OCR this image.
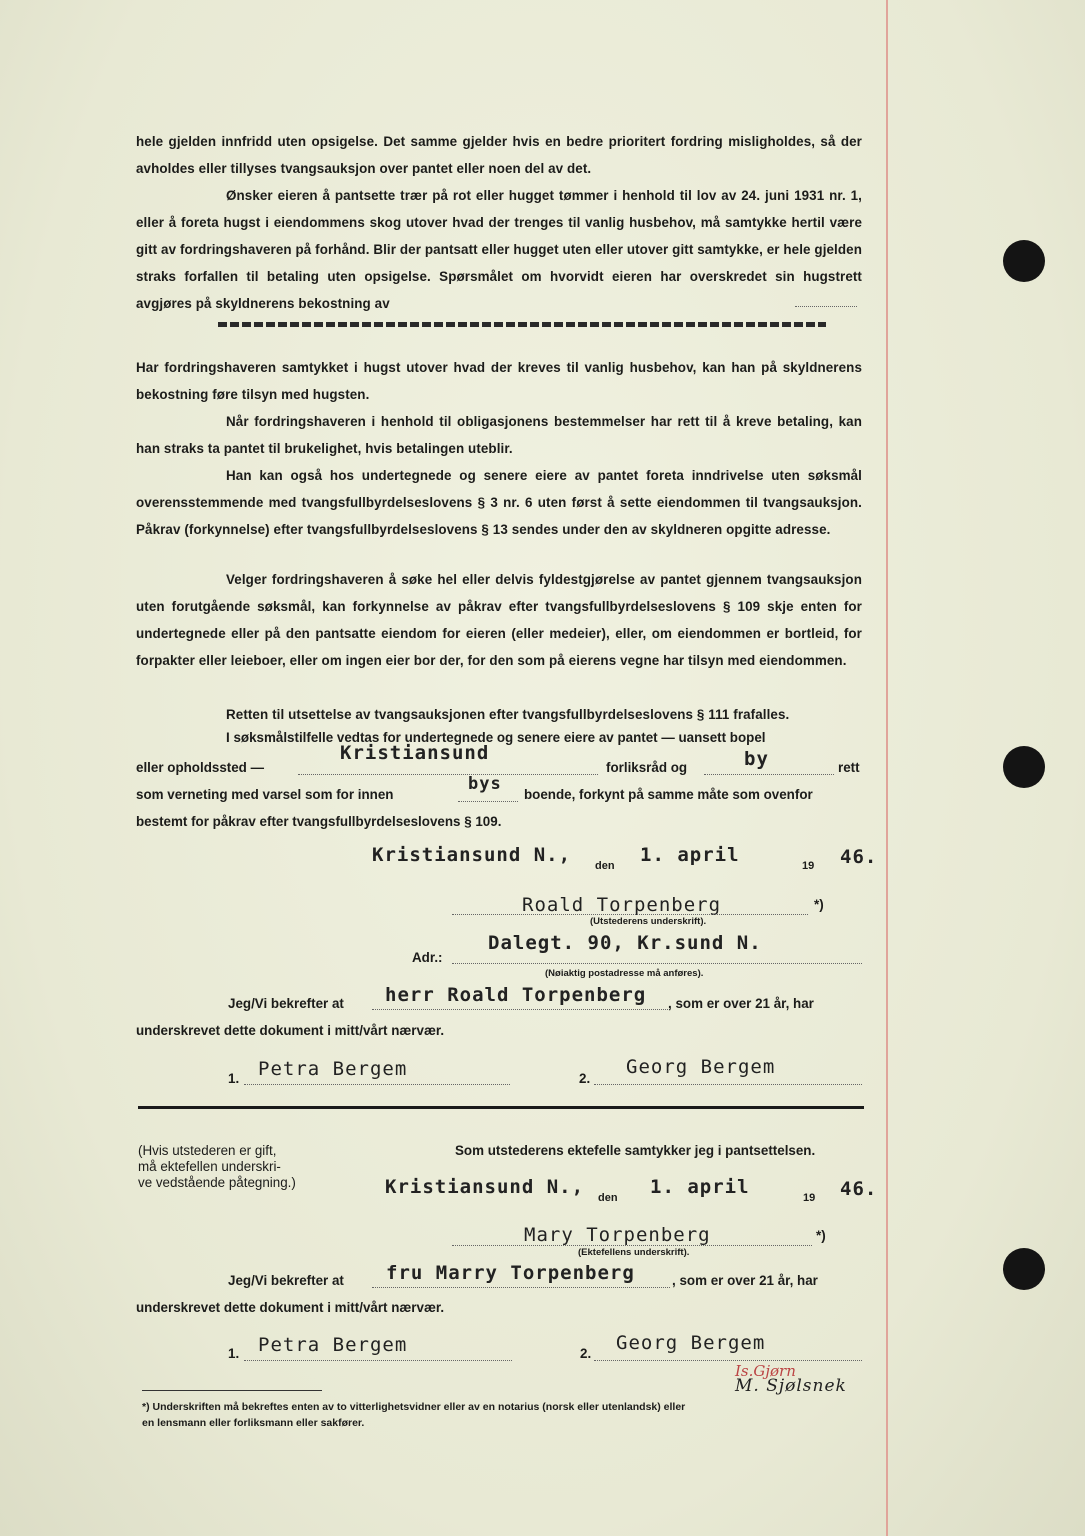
hele gjelden innfridd uten opsigelse. Det samme gjelder hvis en bedre prioritert fordring misligholdes, så der avholdes eller tillyses tvangsauksjon over pantet eller noen del av det.
Ønsker eieren å pantsette trær på rot eller hugget tømmer i henhold til lov av 24. juni 1931 nr. 1, eller å foreta hugst i eiendommens skog utover hvad der trenges til vanlig husbehov, må samtykke hertil være gitt av fordringshaveren på forhånd. Blir der pantsatt eller hugget uten eller utover gitt samtykke, er hele gjelden straks forfallen til betaling uten opsigelse. Spørsmålet om hvorvidt eieren har overskredet sin hugstrett avgjøres på skyldnerens bekostning av
Har fordringshaveren samtykket i hugst utover hvad der kreves til vanlig husbehov, kan han på skyldnerens bekostning føre tilsyn med hugsten.
Når fordringshaveren i henhold til obligasjonens bestemmelser har rett til å kreve betaling, kan han straks ta pantet til brukelighet, hvis betalingen uteblir.
Han kan også hos undertegnede og senere eiere av pantet foreta inndrivelse uten søksmål overensstemmende med tvangsfullbyrdelseslovens § 3 nr. 6 uten først å sette eiendommen til tvangsauksjon. Påkrav (forkynnelse) efter tvangsfullbyrdelseslovens § 13 sendes under den av skyldneren opgitte adresse.
Velger fordringshaveren å søke hel eller delvis fyldestgjørelse av pantet gjennem tvangsauksjon uten forutgående søksmål, kan forkynnelse av påkrav efter tvangsfullbyrdelseslovens § 109 skje enten for undertegnede eller på den pantsatte eiendom for eieren (eller medeier), eller, om eiendommen er bortleid, for forpakter eller leieboer, eller om ingen eier bor der, for den som på eierens vegne har tilsyn med eiendommen.
Retten til utsettelse av tvangsauksjonen efter tvangsfullbyrdelseslovens § 111 frafalles.
I søksmålstilfelle vedtas for undertegnede og senere eiere av pantet — uansett bopel
eller opholdssted —
Kristiansund
forliksråd og	by	rett
som verneting med varsel som for innen
bys
boende, forkynt på samme måte som ovenfor
bestemt for påkrav efter tvangsfullbyrdelseslovens § 109.
Kristiansund N., den 1. april	19 46.
Roald Torpenberg	*)
(Utstederens underskrift).
Adr.:
Dalegt. 90, Kr.sund N.
(Nøiaktig postadresse må anføres).
Jeg/Vi bekrefter at herr Roald Torpenberg , som er over 21 år, har
underskrevet dette dokument i mitt/vårt nærvær.
1. Petra Bergem	2.
Georg Bergem
(Hvis utstederen er gift,
må ektefellen underskri-
ve vedstående påtegning.)
Som utstederens ektefelle samtykker jeg i pantsettelsen.
Kristiansund N., den 1. april	19 46.
Mary Torpenberg	*)
(Ektefellens underskrift).
Jeg/Vi bekrefter at fru Marry Torpenberg	, som er over 21 år, har
underskrevet dette dokument i mitt/vårt nærvær.
1. Petra Bergem	2. Georg Bergem
Is.Gjørn
M. Sjølsnek
*) Underskriften må bekreftes enten av to vitterlighetsvidner eller av en notarius (norsk eller utenlandsk) eller
en lensmann eller forliksmann eller sakfører.
